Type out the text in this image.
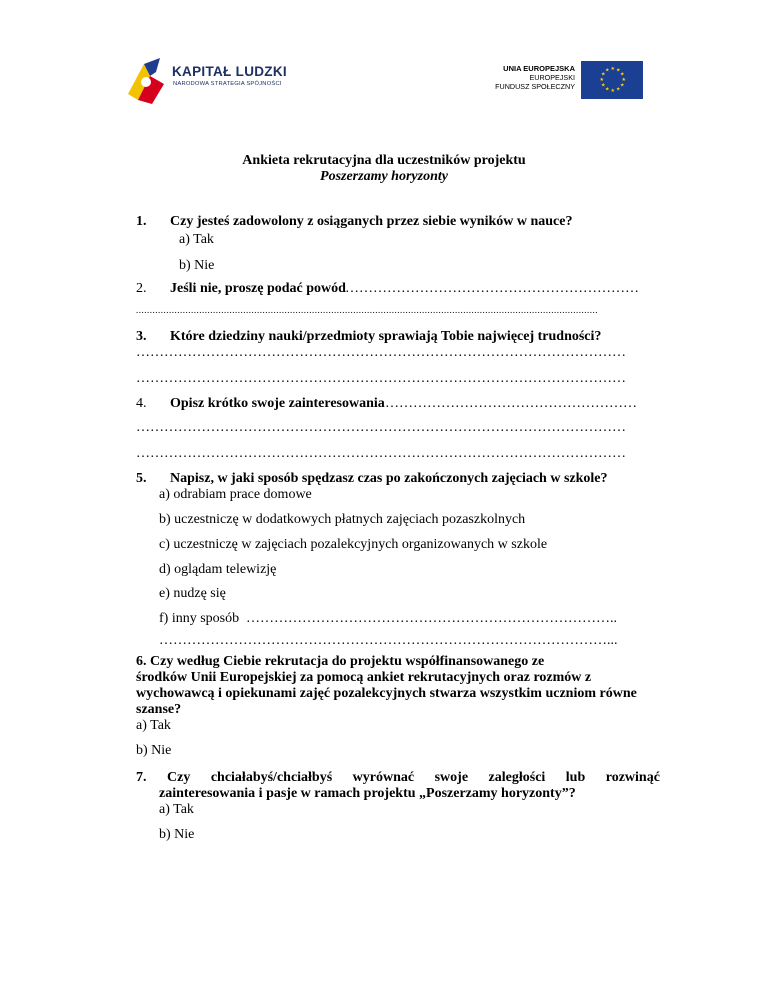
KAPITAŁ LUDZKI
NARODOWA STRATEGIA SPÓJNOŚCI
UNIA EUROPEJSKA
EUROPEJSKI
FUNDUSZ SPOŁECZNY
★ ★
★
★
★
★
★
★
★
★
★
★
Ankieta rekrutacyjna dla uczestników projektu
Poszerzamy horyzonty
1. Czy jesteś zadowolony z osiąganych przez siebie wyników w nauce?
a) Tak
b) Nie
2. Jeśli nie, proszę podać powód ………………………………………………………
........................................................................................................................................................................
3. Które dziedziny nauki/przedmioty sprawiają Tobie najwięcej trudności?
……………………………………………………………………………………………
……………………………………………………………………………………………
4. Opisz krótko swoje zainteresowania ………………………………………………
……………………………………………………………………………………………
……………………………………………………………………………………………
5. Napisz, w jaki sposób spędzasz czas po zakończonych zajęciach w szkole?
a) odrabiam prace domowe
b) uczestniczę w dodatkowych płatnych zajęciach pozaszkolnych
c) uczestniczę w zajęciach pozalekcyjnych organizowanych w szkole
d) oglądam telewizję
e) nudzę się
f) inny sposób ……………………………………………………………………..
……………………………………………………………………………………...
6. Czy według Ciebie rekrutacja do projektu współfinansowanego ze
środków Unii Europejskiej za pomocą ankiet rekrutacyjnych oraz rozmów z
wychowawcą i opiekunami zajęć pozalekcyjnych stwarza wszystkim uczniom równe
szanse?
a) Tak
b) Nie
7. Czy chciałabyś/chciałbyś wyrównać swoje zaległości lub rozwinąć
zainteresowania i pasje w ramach projektu „Poszerzamy horyzonty”?
a) Tak
b) Nie
